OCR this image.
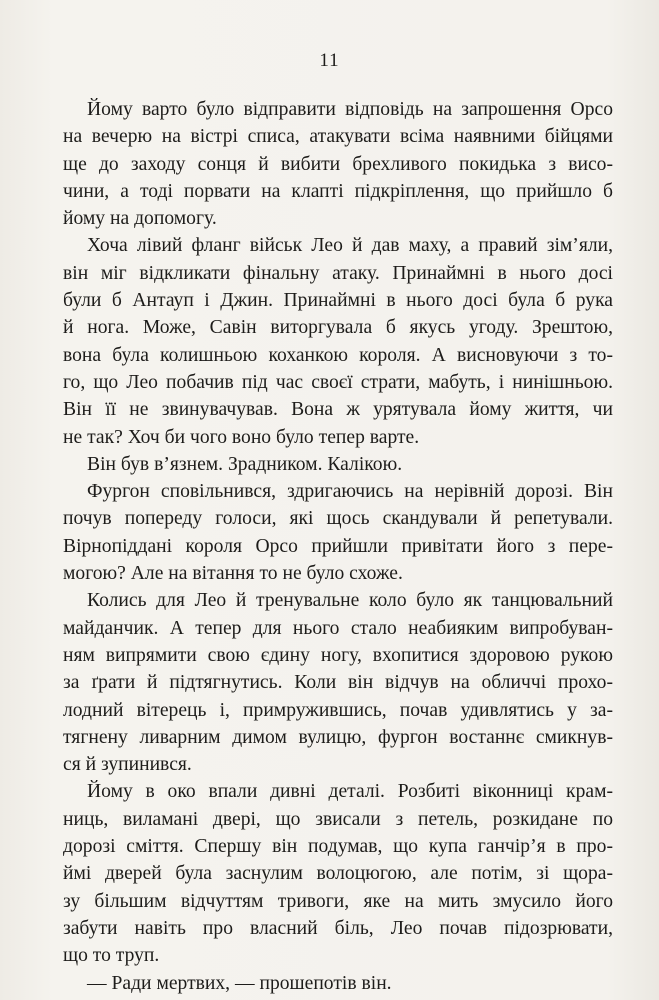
11
Йому варто було відправити відповідь на запрошення Орсо
на вечерю на вістрі списа, атакувати всіма наявними бійцями
ще до заходу сонця й вибити брехливого покидька з висо-
чини, а тоді порвати на клапті підкріплення, що прийшло б
йому на допомогу.
Хоча лівий фланг військ Лео й дав маху, а правий зім’яли,
він міг відкликати фінальну атаку. Принаймні в нього досі
були б Антауп і Джин. Принаймні в нього досі була б рука
й нога. Може, Савін виторгувала б якусь угоду. Зрештою,
вона була колишньою коханкою короля. А висновуючи з то-
го, що Лео побачив під час своєї страти, мабуть, і нинішньою.
Він її не звинувачував. Вона ж урятувала йому життя, чи
не так? Хоч би чого воно було тепер варте.
Він був в’язнем. Зрадником. Калікою.
Фургон сповільнився, здригаючись на нерівній дорозі. Він
почув попереду голоси, які щось скандували й репетували.
Вірнопіддані короля Орсо прийшли привітати його з пере-
могою? Але на вітання то не було схоже.
Колись для Лео й тренувальне коло було як танцювальний
майданчик. А тепер для нього стало неабияким випробуван-
ням випрямити свою єдину ногу, вхопитися здоровою рукою
за ґрати й підтягнутись. Коли він відчув на обличчі прохо-
лодний вітерець і, примружившись, почав удивлятись у за-
тягнену ливарним димом вулицю, фургон востаннє смикнув-
ся й зупинився.
Йому в око впали дивні деталі. Розбиті віконниці крам-
ниць, виламані двері, що звисали з петель, розкидане по
дорозі сміття. Спершу він подумав, що купа ганчір’я в про-
ймі дверей була заснулим волоцюгою, але потім, зі щора-
зу більшим відчуттям тривоги, яке на мить змусило його
забути навіть про власний біль, Лео почав підозрювати,
що то труп.
— Ради мертвих, — прошепотів він.
